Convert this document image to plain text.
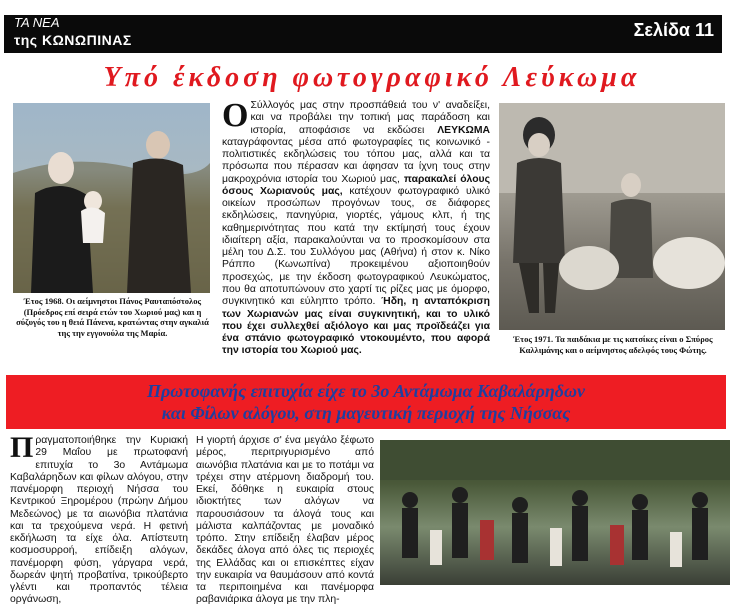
ΤΑ ΝΕΑ
της ΚΩΝΩΠΙΝΑΣ	Σελίδα 11
Υπό έκδοση φωτογραφικό Λεύκωμα
Έτος 1968. Οι αείμνηστοι Πάνος Ραυταπόστολος (Πρόεδρος επί σειρά ετών του Χωριού μας) και η σύζυγός του η θειά Πάνενα, κρατώντας στην αγκαλιά της την εγγονούλα της Μαρία.
Ο Σύλλογός μας στην προσπάθειά του ν' αναδείξει, και να προβάλει την τοπική μας παράδοση και ιστορία, αποφάσισε να εκδώσει ΛΕΥΚΩΜΑ καταγράφοντας μέσα από φωτογραφίες τις κοινωνικό - πολιτιστικές εκδηλώσεις του τόπου μας, αλλά και τα πρόσωπα που πέρασαν και άφησαν τα ίχνη τους στην μακροχρόνια ιστορία του Χωριού μας, παρακαλεί όλους όσους Χωριανούς μας, κατέχουν φωτογραφικό υλικό οικείων προσώπων προγόνων τους, σε διάφορες εκδηλώσεις, πανηγύρια, γιορτές, γάμους κλπ, ή της καθημερινότητας που κατά την εκτίμησή τους έχουν ιδιαίτερη αξία, παρακαλούνται να το προσκομίσουν στα μέλη του Δ.Σ. του Συλλόγου μας (Αθήνα) ή στον κ. Νίκο Ράππο (Κωνωπίνα) προκειμένου αξιοποιηθούν προσεχώς, με την έκδοση φωτογραφικού Λευκώματος, που θα αποτυπώνουν στο χαρτί τις ρίζες μας με όμορφο, συγκινητικό και εύληπτο τρόπο. Ήδη, η ανταπόκριση των Χωριανών μας είναι συγκινητική, και το υλικό που έχει συλλεχθεί αξιόλογο και μας προϊδεάζει για ένα σπάνιο φωτογραφικό ντοκουμέντο, που αφορά την ιστορία του Χωριού μας.
Έτος 1971. Τα παιδάκια με τις κατσίκες είναι ο Σπύρος Καλλιμάνης και ο αείμνηστος αδελφός τους Φώτης.
Πρωτοφανής επιτυχία είχε το 3ο Αντάμωμα Καβαλάρηδων
και Φίλων αλόγου, στη μαγευτική περιοχή της Νήσσας
Π ραγματοποιήθηκε την Κυριακή 29 Μαΐου με πρωτοφανή επιτυχία το 3ο Αντάμωμα Καβαλάρηδων και φίλων αλόγου, στην πανέμορφη περιοχή Νήσσα του Κεντρικού Ξηρομέρου (πρώην Δήμου Μεδεώνος) με τα αιωνόβια πλατάνια και τα τρεχούμενα νερά. Η φετινή εκδήλωση τα είχε όλα. Απίστευτη κοσμοσυρροή, επίδειξη αλόγων, πανέμορφη φύση, γάργαρα νερά, δωρεάν ψητή προβατίνα, τρικούβερτο γλέντι και προπαντός τέλεια οργάνωση,
Η γιορτή άρχισε σ' ένα μεγάλο ξέφωτο μέρος, περιτριγυρισμένο από αιωνόβια πλατάνια και με το ποτάμι να τρέχει στην ατέρμονη διαδρομή του. Εκεί, δόθηκε η ευκαιρία στους ιδιοκτήτες των αλόγων να παρουσιάσουν τα άλογά τους και μάλιστα καλπάζοντας με μοναδικό τρόπο. Στην επίδειξη έλαβαν μέρος δεκάδες άλογα από όλες τις περιοχές της Ελλάδας και οι επισκέπτες είχαν την ευκαιρία να θαυμάσουν από κοντά τα περιποιημένα και πανέμορφα ραβανιάρικα άλογα με την πλη-
